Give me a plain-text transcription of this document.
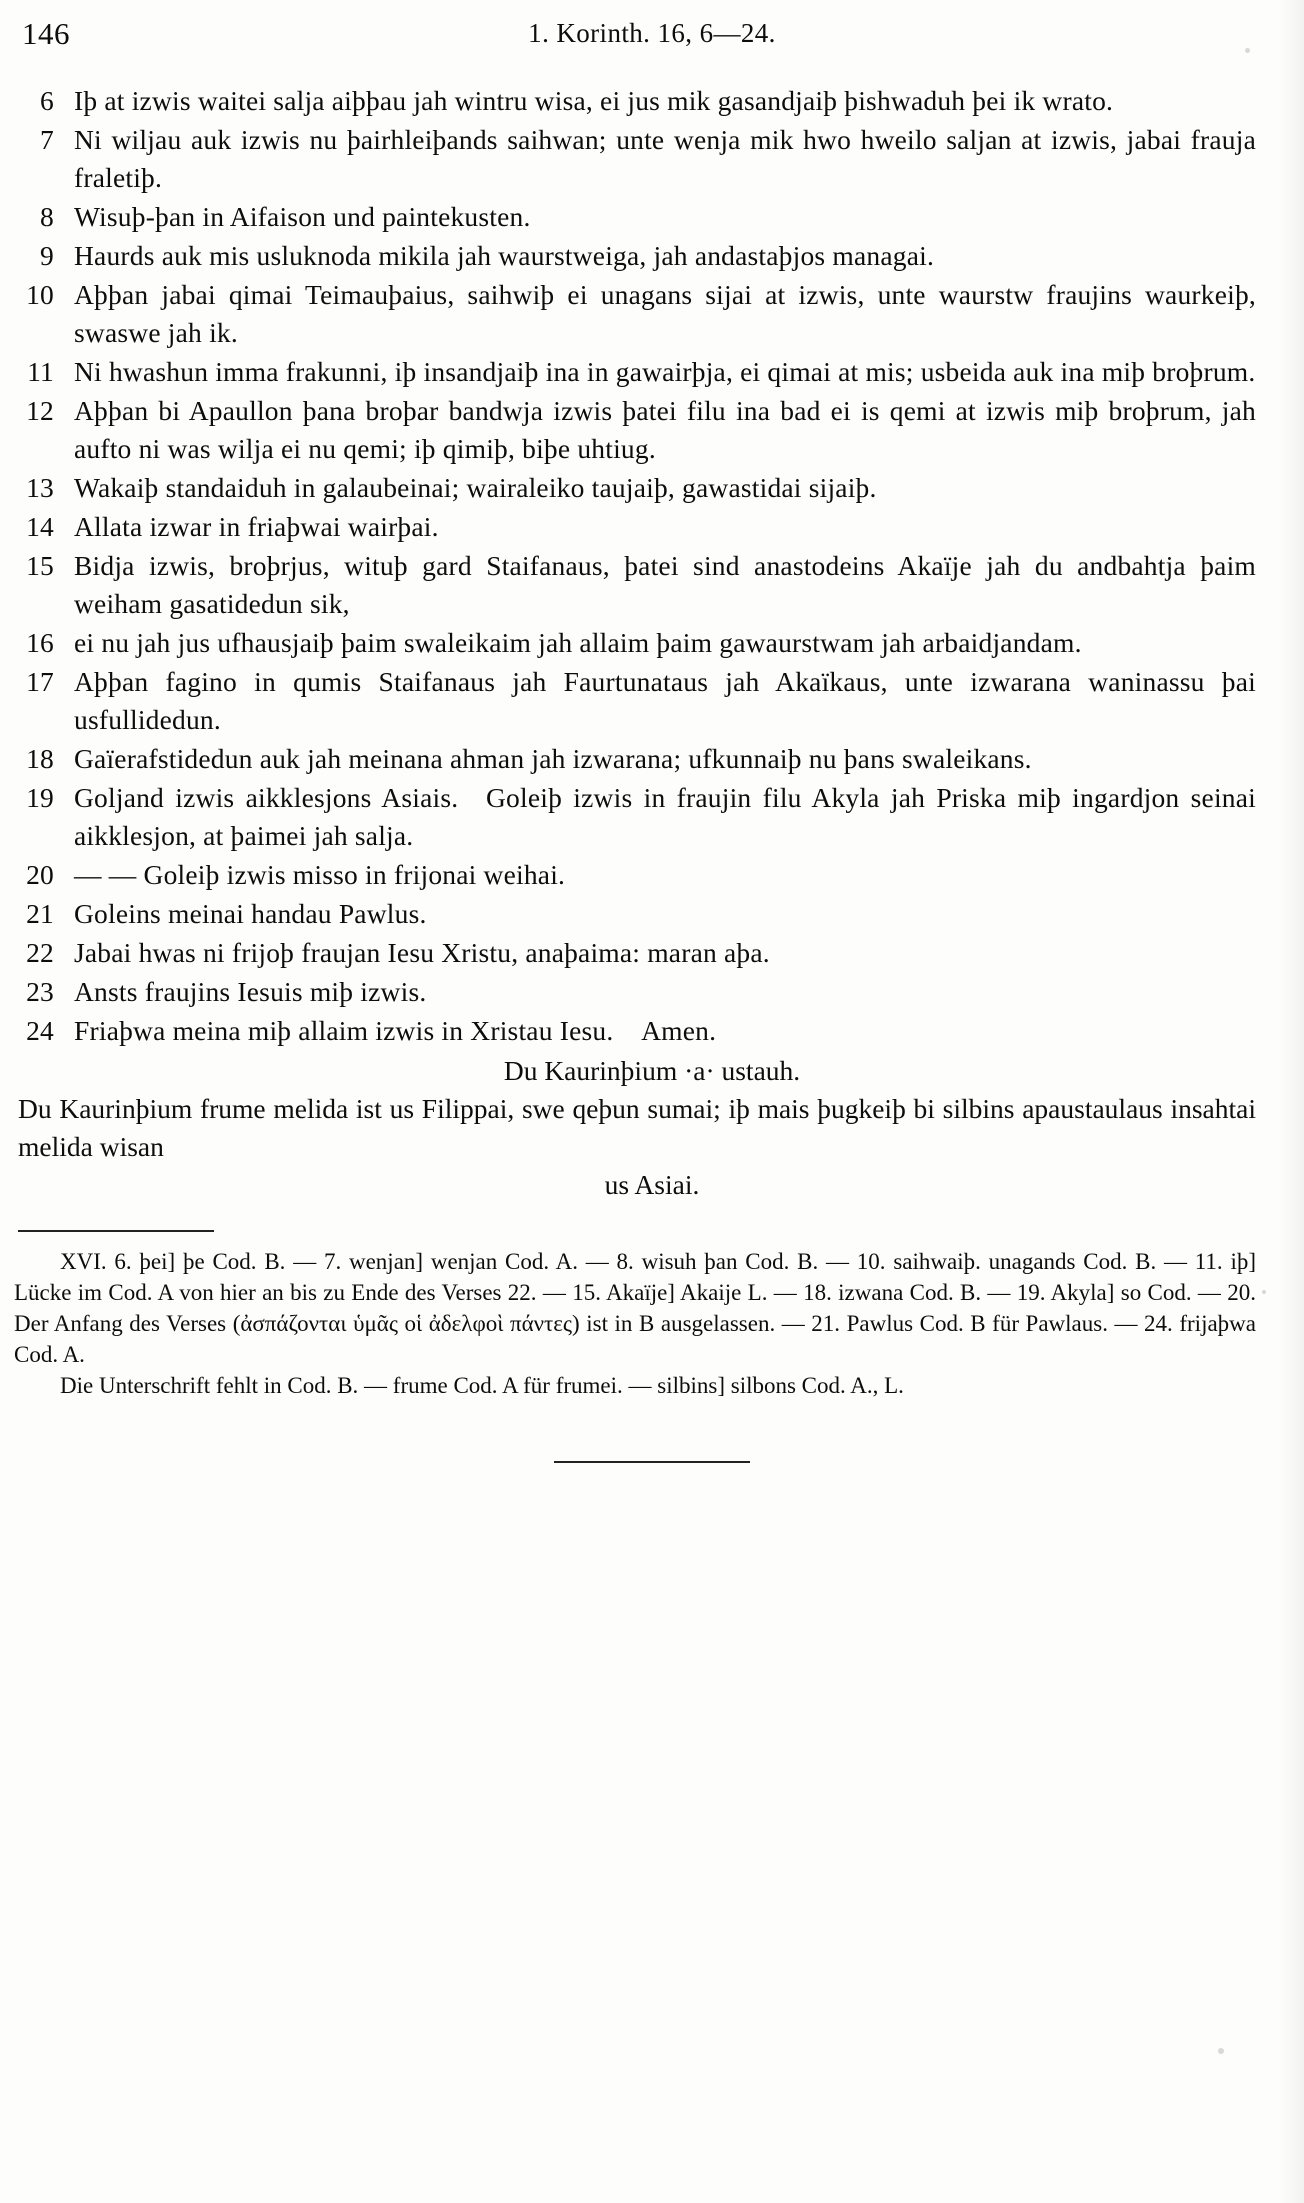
146	1. Korinth. 16, 6—24.
6 Iþ at izwis waitei salja aiþþau jah wintru wisa, ei jus mik gasandjaiþ þishwaduh þei ik wrato.
7 Ni wiljau auk izwis nu þairhleiþands saihwan; unte wenja mik hwo hweilo saljan at izwis, jabai frauja fraletiþ.
8 Wisuþ-þan in Aifaison und paintekusten.
9 Haurds auk mis usluknoda mikila jah waurstweiga, jah andastaþjos managai.
10 Aþþan jabai qimai Teimauþaius, saihwiþ ei unagans sijai at izwis, unte waurstw fraujins waurkeiþ, swaswe jah ik.
11 Ni hwashun imma frakunni, iþ insandjaiþ ina in gawairþja, ei qimai at mis; usbeida auk ina miþ broþrum.
12 Aþþan bi Apaullon þana broþar bandwja izwis þatei filu ina bad ei is qemi at izwis miþ broþrum, jah aufto ni was wilja ei nu qemi; iþ qimiþ, biþe uhtiug.
13 Wakaiþ standaiduh in galaubeinai; wairaleiko taujaiþ, gawastidai sijaiþ.
14 Allata izwar in friaþwai wairþai.
15 Bidja izwis, broþrjus, wituþ gard Staifanaus, þatei sind anastodeins Akaïje jah du andbahtja þaim weiham gasatidedun sik,
16 ei nu jah jus ufhausjaiþ þaim swaleikaim jah allaim þaim gawaurstwam jah arbaidjandam.
17 Aþþan fagino in qumis Staifanaus jah Faurtunataus jah Akaïkaus, unte izwarana waninassu þai usfullidedun.
18 Gaïerafstidedun auk jah meinana ahman jah izwarana; ufkunnaiþ nu þans swaleikans.
19 Goljand izwis aikklesjons Asiais. Goleiþ izwis in fraujin filu Akyla jah Priska miþ ingardjon seinai aikklesjon, at þaimei jah salja.
20 — — Goleiþ izwis misso in frijonai weihai.
21 Goleins meinai handau Pawlus.
22 Jabai hwas ni frijoþ fraujan Iesu Xristu, anaþaima: maran aþa.
23 Ansts fraujins Iesuis miþ izwis.
24 Friaþwa meina miþ allaim izwis in Xristau Iesu. Amen.
Du Kaurinþium ·a· ustauh.
Du Kaurinþium frume melida ist us Filippai, swe qeþun sumai; iþ mais þugkeiþ bi silbins apaustaulaus insahtai melida wisan
us Asiai.

XVI. 6. þei] þe Cod. B. — 7. wenjan] wenjan Cod. A. — 8. wisuh þan Cod. B. — 10. saihwaiþ. unagands Cod. B. — 11. iþ] Lücke im Cod. A von hier an bis zu Ende des Verses 22. — 15. Akaïje] Akaije L. — 18. izwana Cod. B. — 19. Akyla] so Cod. — 20. Der Anfang des Verses (ἀσπάζονται ὑμᾶς οἱ ἀδελφοὶ πάντες) ist in B ausgelassen. — 21. Pawlus Cod. B für Pawlaus. — 24. frijaþwa Cod. A.

Die Unterschrift fehlt in Cod. B. — frume Cod. A für frumei. — silbins] silbons Cod. A., L.
